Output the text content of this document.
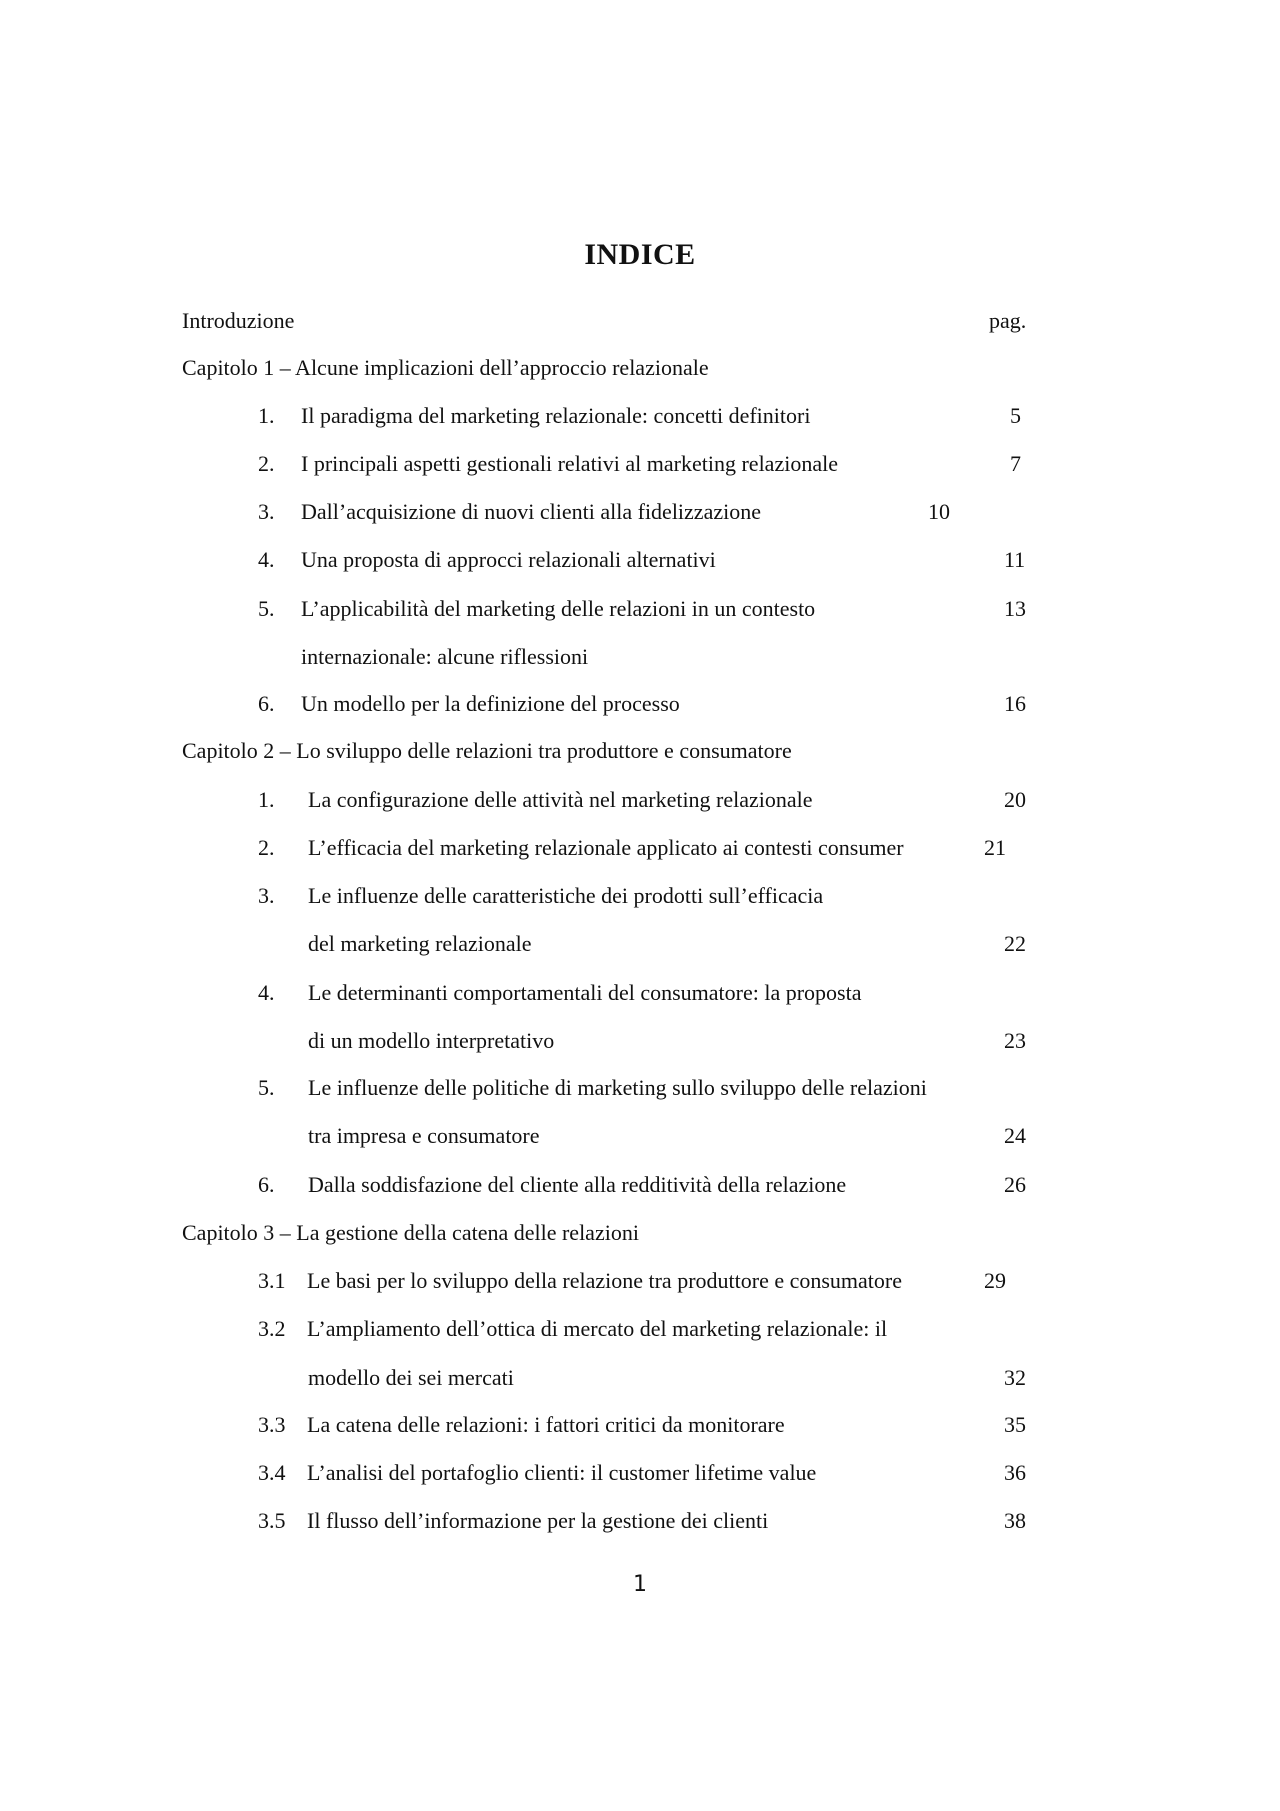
INDICE
Introduzione	pag.
Capitolo 1 – Alcune implicazioni dell’approccio relazionale
1. Il paradigma del marketing relazionale: concetti definitori	5
2. I principali aspetti gestionali relativi al marketing relazionale	7
3. Dall’acquisizione di nuovi clienti alla fidelizzazione	10
4. Una proposta di approcci relazionali alternativi	11
5. L’applicabilità del marketing delle relazioni in un contesto	13
internazionale: alcune riflessioni
6. Un modello per la definizione del processo	16
Capitolo 2 – Lo sviluppo delle relazioni tra produttore e consumatore
1. La configurazione delle attività nel marketing relazionale	20
2. L’efficacia del marketing relazionale applicato ai contesti consumer	21
3. Le influenze delle caratteristiche dei prodotti sull’efficacia
del marketing relazionale	22
4. Le determinanti comportamentali del consumatore: la proposta
di un modello interpretativo	23
5. Le influenze delle politiche di marketing sullo sviluppo delle relazioni
tra impresa e consumatore	24
6. Dalla soddisfazione del cliente alla redditività della relazione	26
Capitolo 3 – La gestione della catena delle relazioni
3.1 Le basi per lo sviluppo della relazione tra produttore e consumatore	29
3.2 L’ampliamento dell’ottica di mercato del marketing relazionale: il
modello dei sei mercati	32
3.3 La catena delle relazioni: i fattori critici da monitorare	35
3.4 L’analisi del portafoglio clienti: il customer lifetime value	36
3.5 Il flusso dell’informazione per la gestione dei clienti	38
1
